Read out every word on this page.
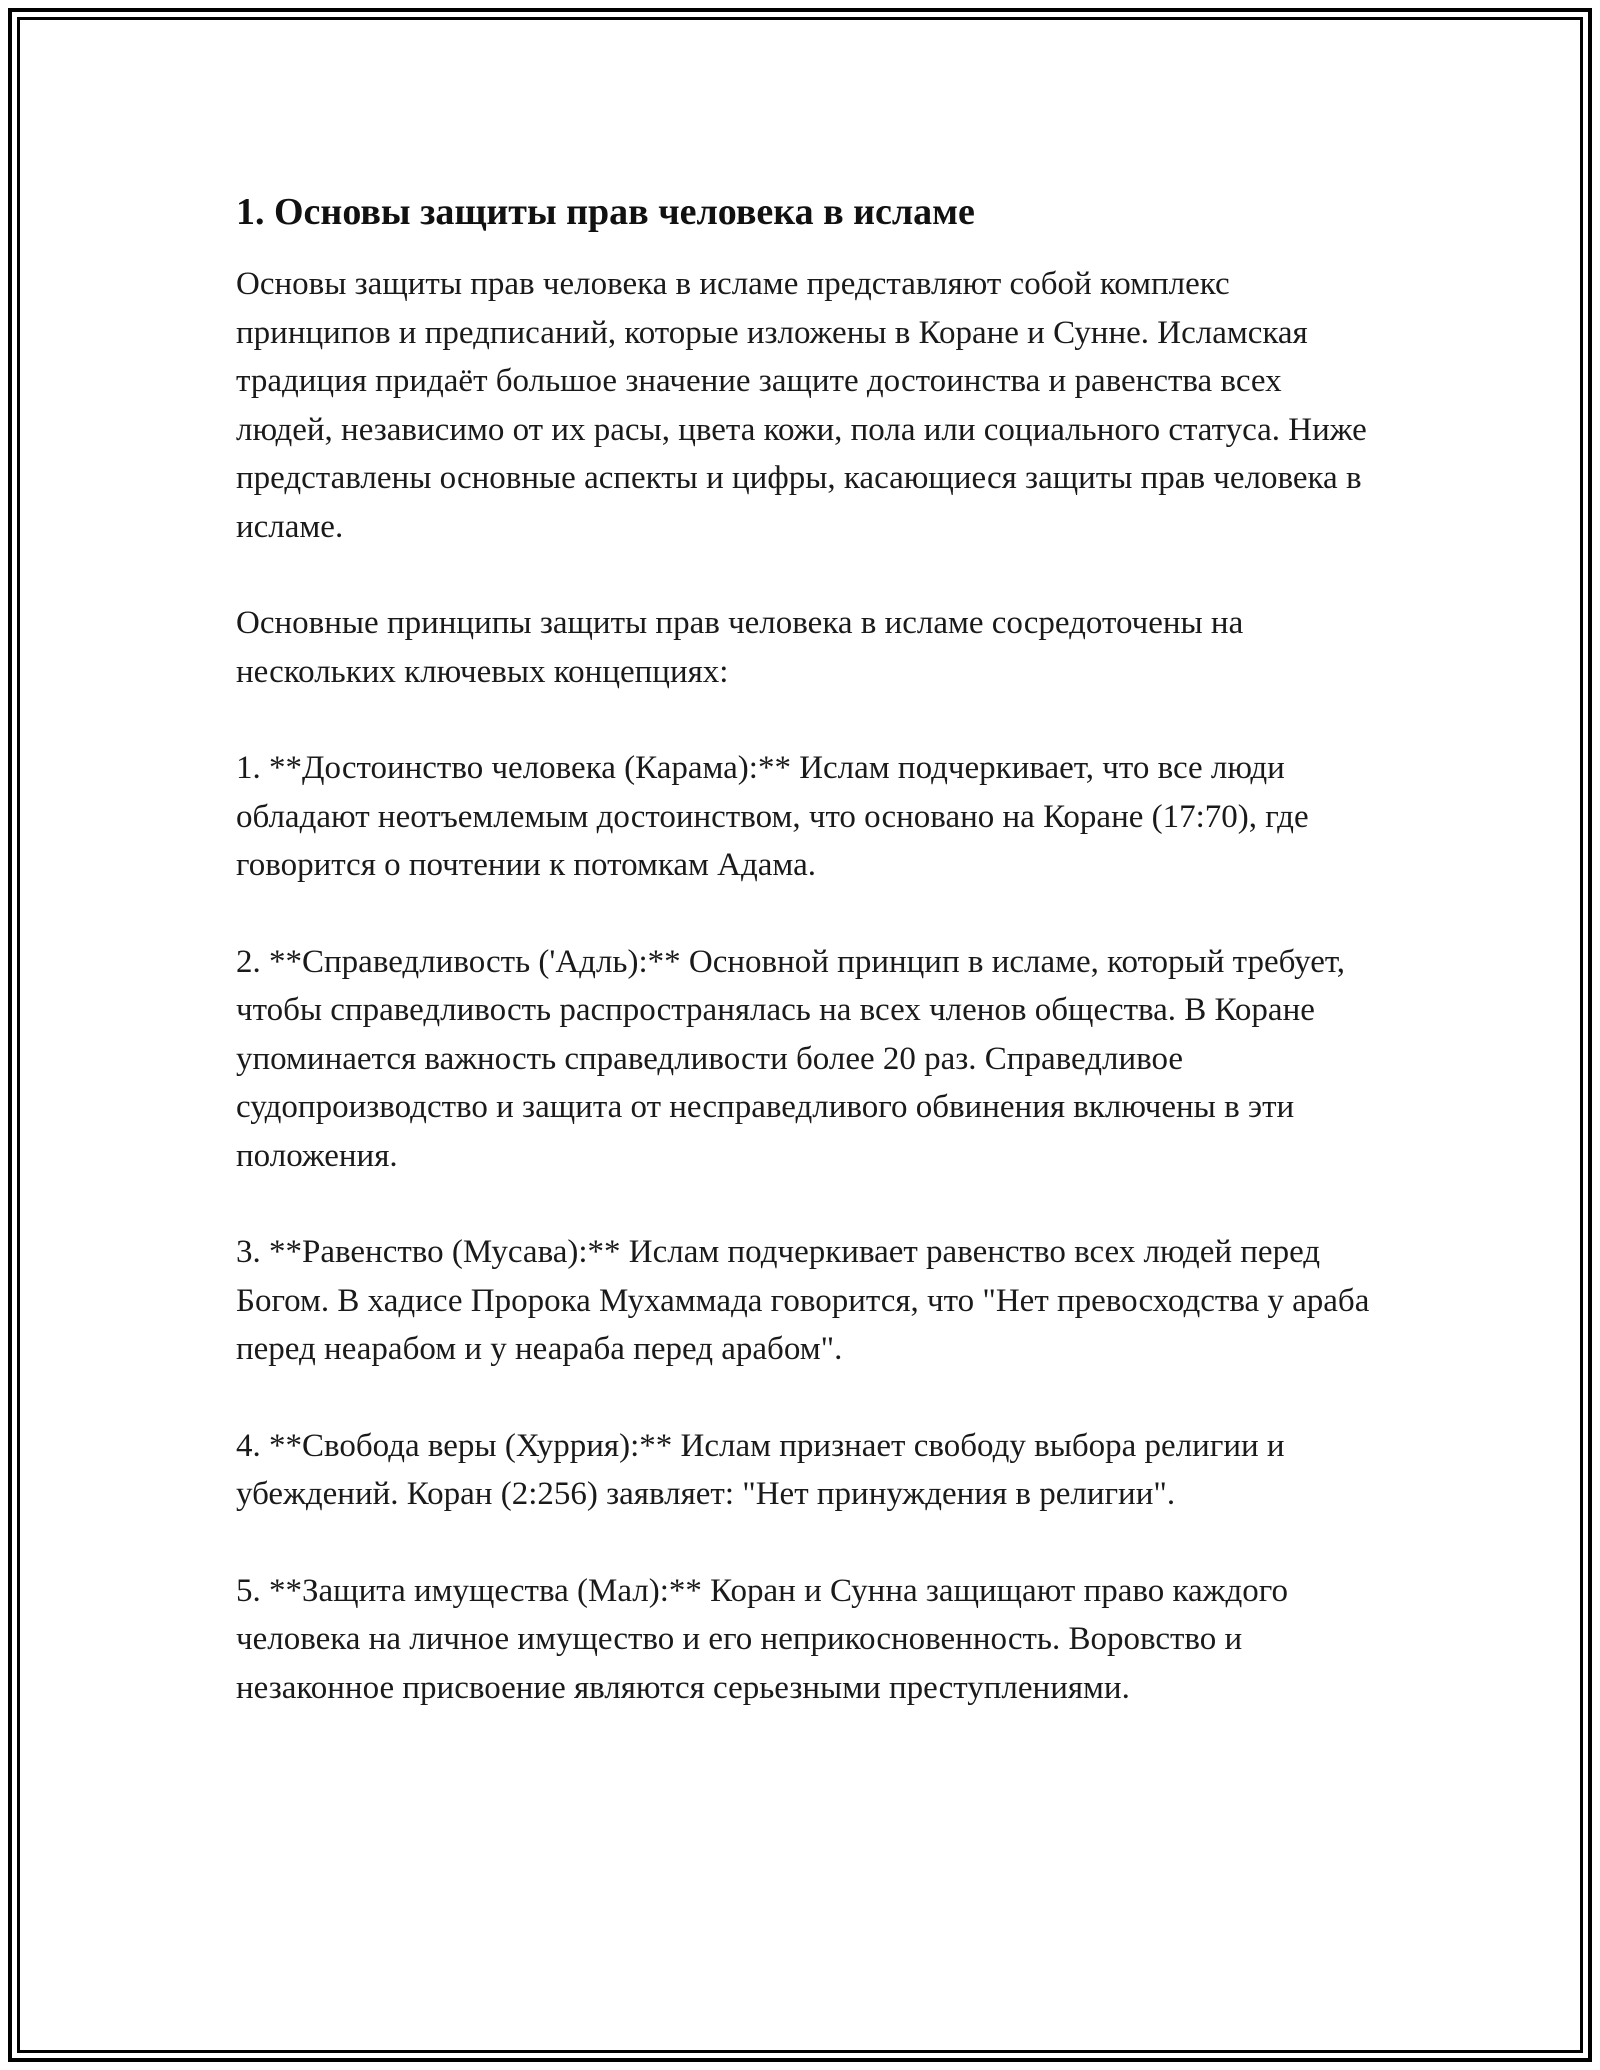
1. Основы защиты прав человека в исламе

Основы защиты прав человека в исламе представляют собой комплекс принципов и предписаний, которые изложены в Коране и Сунне. Исламская традиция придаёт большое значение защите достоинства и равенства всех людей, независимо от их расы, цвета кожи, пола или социального статуса. Ниже представлены основные аспекты и цифры, касающиеся защиты прав человека в исламе.

Основные принципы защиты прав человека в исламе сосредоточены на нескольких ключевых концепциях:

1. **Достоинство человека (Карама):** Ислам подчеркивает, что все люди обладают неотъемлемым достоинством, что основано на Коране (17:70), где говорится о почтении к потомкам Адама.

2. **Справедливость ('Адль):** Основной принцип в исламе, который требует, чтобы справедливость распространялась на всех членов общества. В Коране упоминается важность справедливости более 20 раз. Справедливое судопроизводство и защита от несправедливого обвинения включены в эти положения.

3. **Равенство (Мусава):** Ислам подчеркивает равенство всех людей перед Богом. В хадисе Пророка Мухаммада говорится, что "Нет превосходства у араба перед неарабом и у неараба перед арабом".

4. **Свобода веры (Хуррия):** Ислам признает свободу выбора религии и убеждений. Коран (2:256) заявляет: "Нет принуждения в религии".

5. **Защита имущества (Мал):** Коран и Сунна защищают право каждого человека на личное имущество и его неприкосновенность. Воровство и незаконное присвоение являются серьезными преступлениями.
